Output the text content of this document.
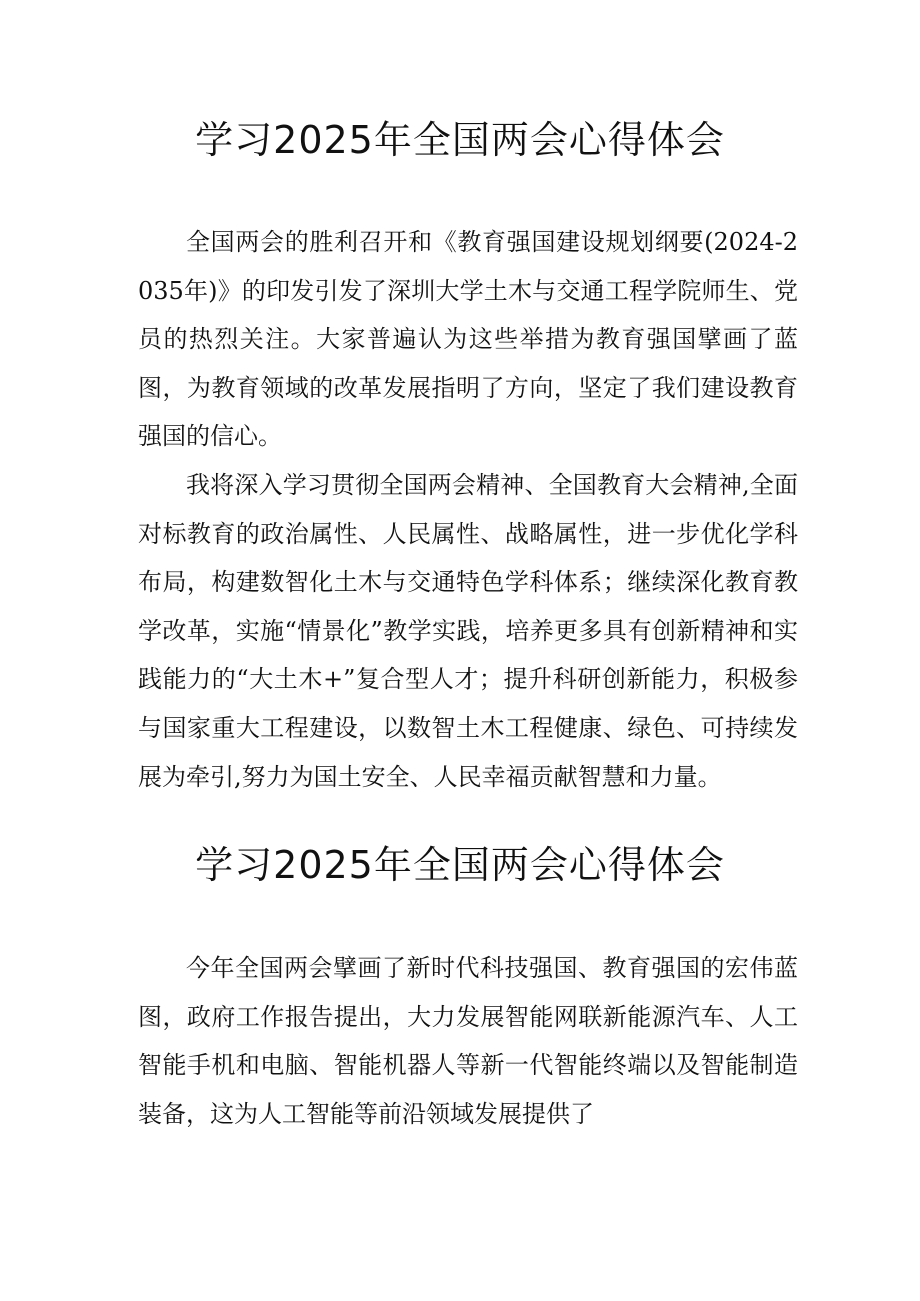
学习2025年全国两会心得体会

全国两会的胜利召开和《教育强国建设规划纲要(2024-2035年)》的印发引发了深圳大学土木与交通工程学院师生、党员的热烈关注。大家普遍认为这些举措为教育强国擘画了蓝图，为教育领域的改革发展指明了方向，坚定了我们建设教育强国的信心。

我将深入学习贯彻全国两会精神、全国教育大会精神,全面对标教育的政治属性、人民属性、战略属性，进一步优化学科布局，构建数智化土木与交通特色学科体系；继续深化教育教学改革，实施“情景化”教学实践，培养更多具有创新精神和实践能力的“大土木+”复合型人才；提升科研创新能力，积极参与国家重大工程建设，以数智土木工程健康、绿色、可持续发展为牵引,努力为国土安全、人民幸福贡献智慧和力量。

学习2025年全国两会心得体会

今年全国两会擘画了新时代科技强国、教育强国的宏伟蓝图，政府工作报告提出，大力发展智能网联新能源汽车、人工智能手机和电脑、智能机器人等新一代智能终端以及智能制造装备，这为人工智能等前沿领域发展提供了
